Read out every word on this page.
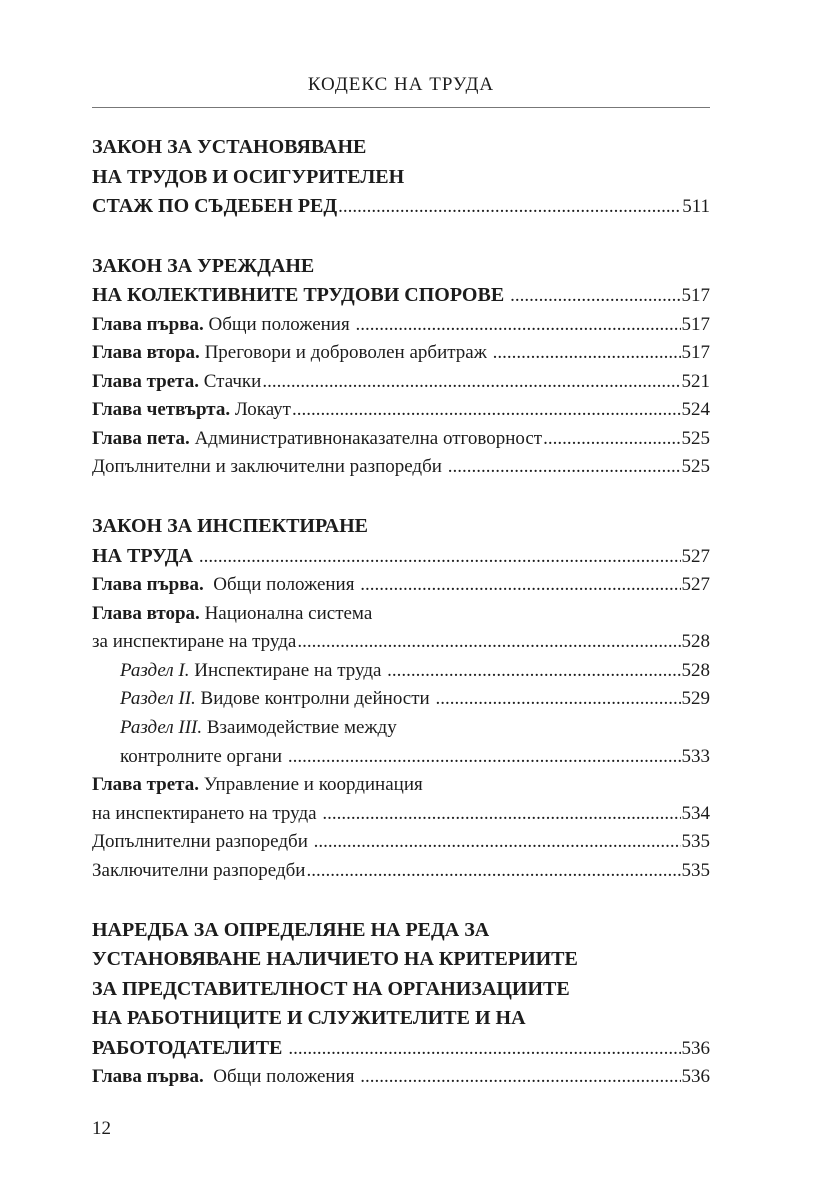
КОДЕКС НА ТРУДА
ЗАКОН ЗА УСТАНОВЯВАНЕ
НА ТРУДОВ И ОСИГУРИТЕЛЕН
СТАЖ ПО СЪДЕБЕН РЕД .....	511
ЗАКОН ЗА УРЕЖДАНЕ
НА КОЛЕКТИВНИТЕ ТРУДОВИ СПОРОВЕ .....	517
Глава първа. Общи положения .....	517
Глава втора. Преговори и доброволен арбитраж .....	517
Глава трета. Стачки .....	521
Глава четвърта. Локаут .....	524
Глава пета. Административнонаказателна отговорност .....	525
Допълнителни и заключителни разпоредби .....	525
ЗАКОН ЗА ИНСПЕКТИРАНЕ
НА ТРУДА .....	527
Глава първа. Общи положения .....	527
Глава втора. Национална система
за инспектиране на труда .....	528
Раздел I. Инспектиране на труда .....	528
Раздел II. Видове контролни дейности .....	529
Раздел III. Взаимодействие между
контролните органи .....	533
Глава трета. Управление и координация
на инспектирането на труда .....	534
Допълнителни разпоредби .....	535
Заключителни разпоредби .....	535
НАРЕДБА ЗА ОПРЕДЕЛЯНЕ НА РЕДА ЗА
УСТАНОВЯВАНЕ НАЛИЧИЕТО НА КРИТЕРИИТЕ
ЗА ПРЕДСТАВИТЕЛНОСТ НА ОРГАНИЗАЦИИТЕ
НА РАБОТНИЦИТЕ И СЛУЖИТЕЛИТЕ И НА
РАБОТОДАТЕЛИТЕ .....	536
Глава първа. Общи положения .....	536
12
